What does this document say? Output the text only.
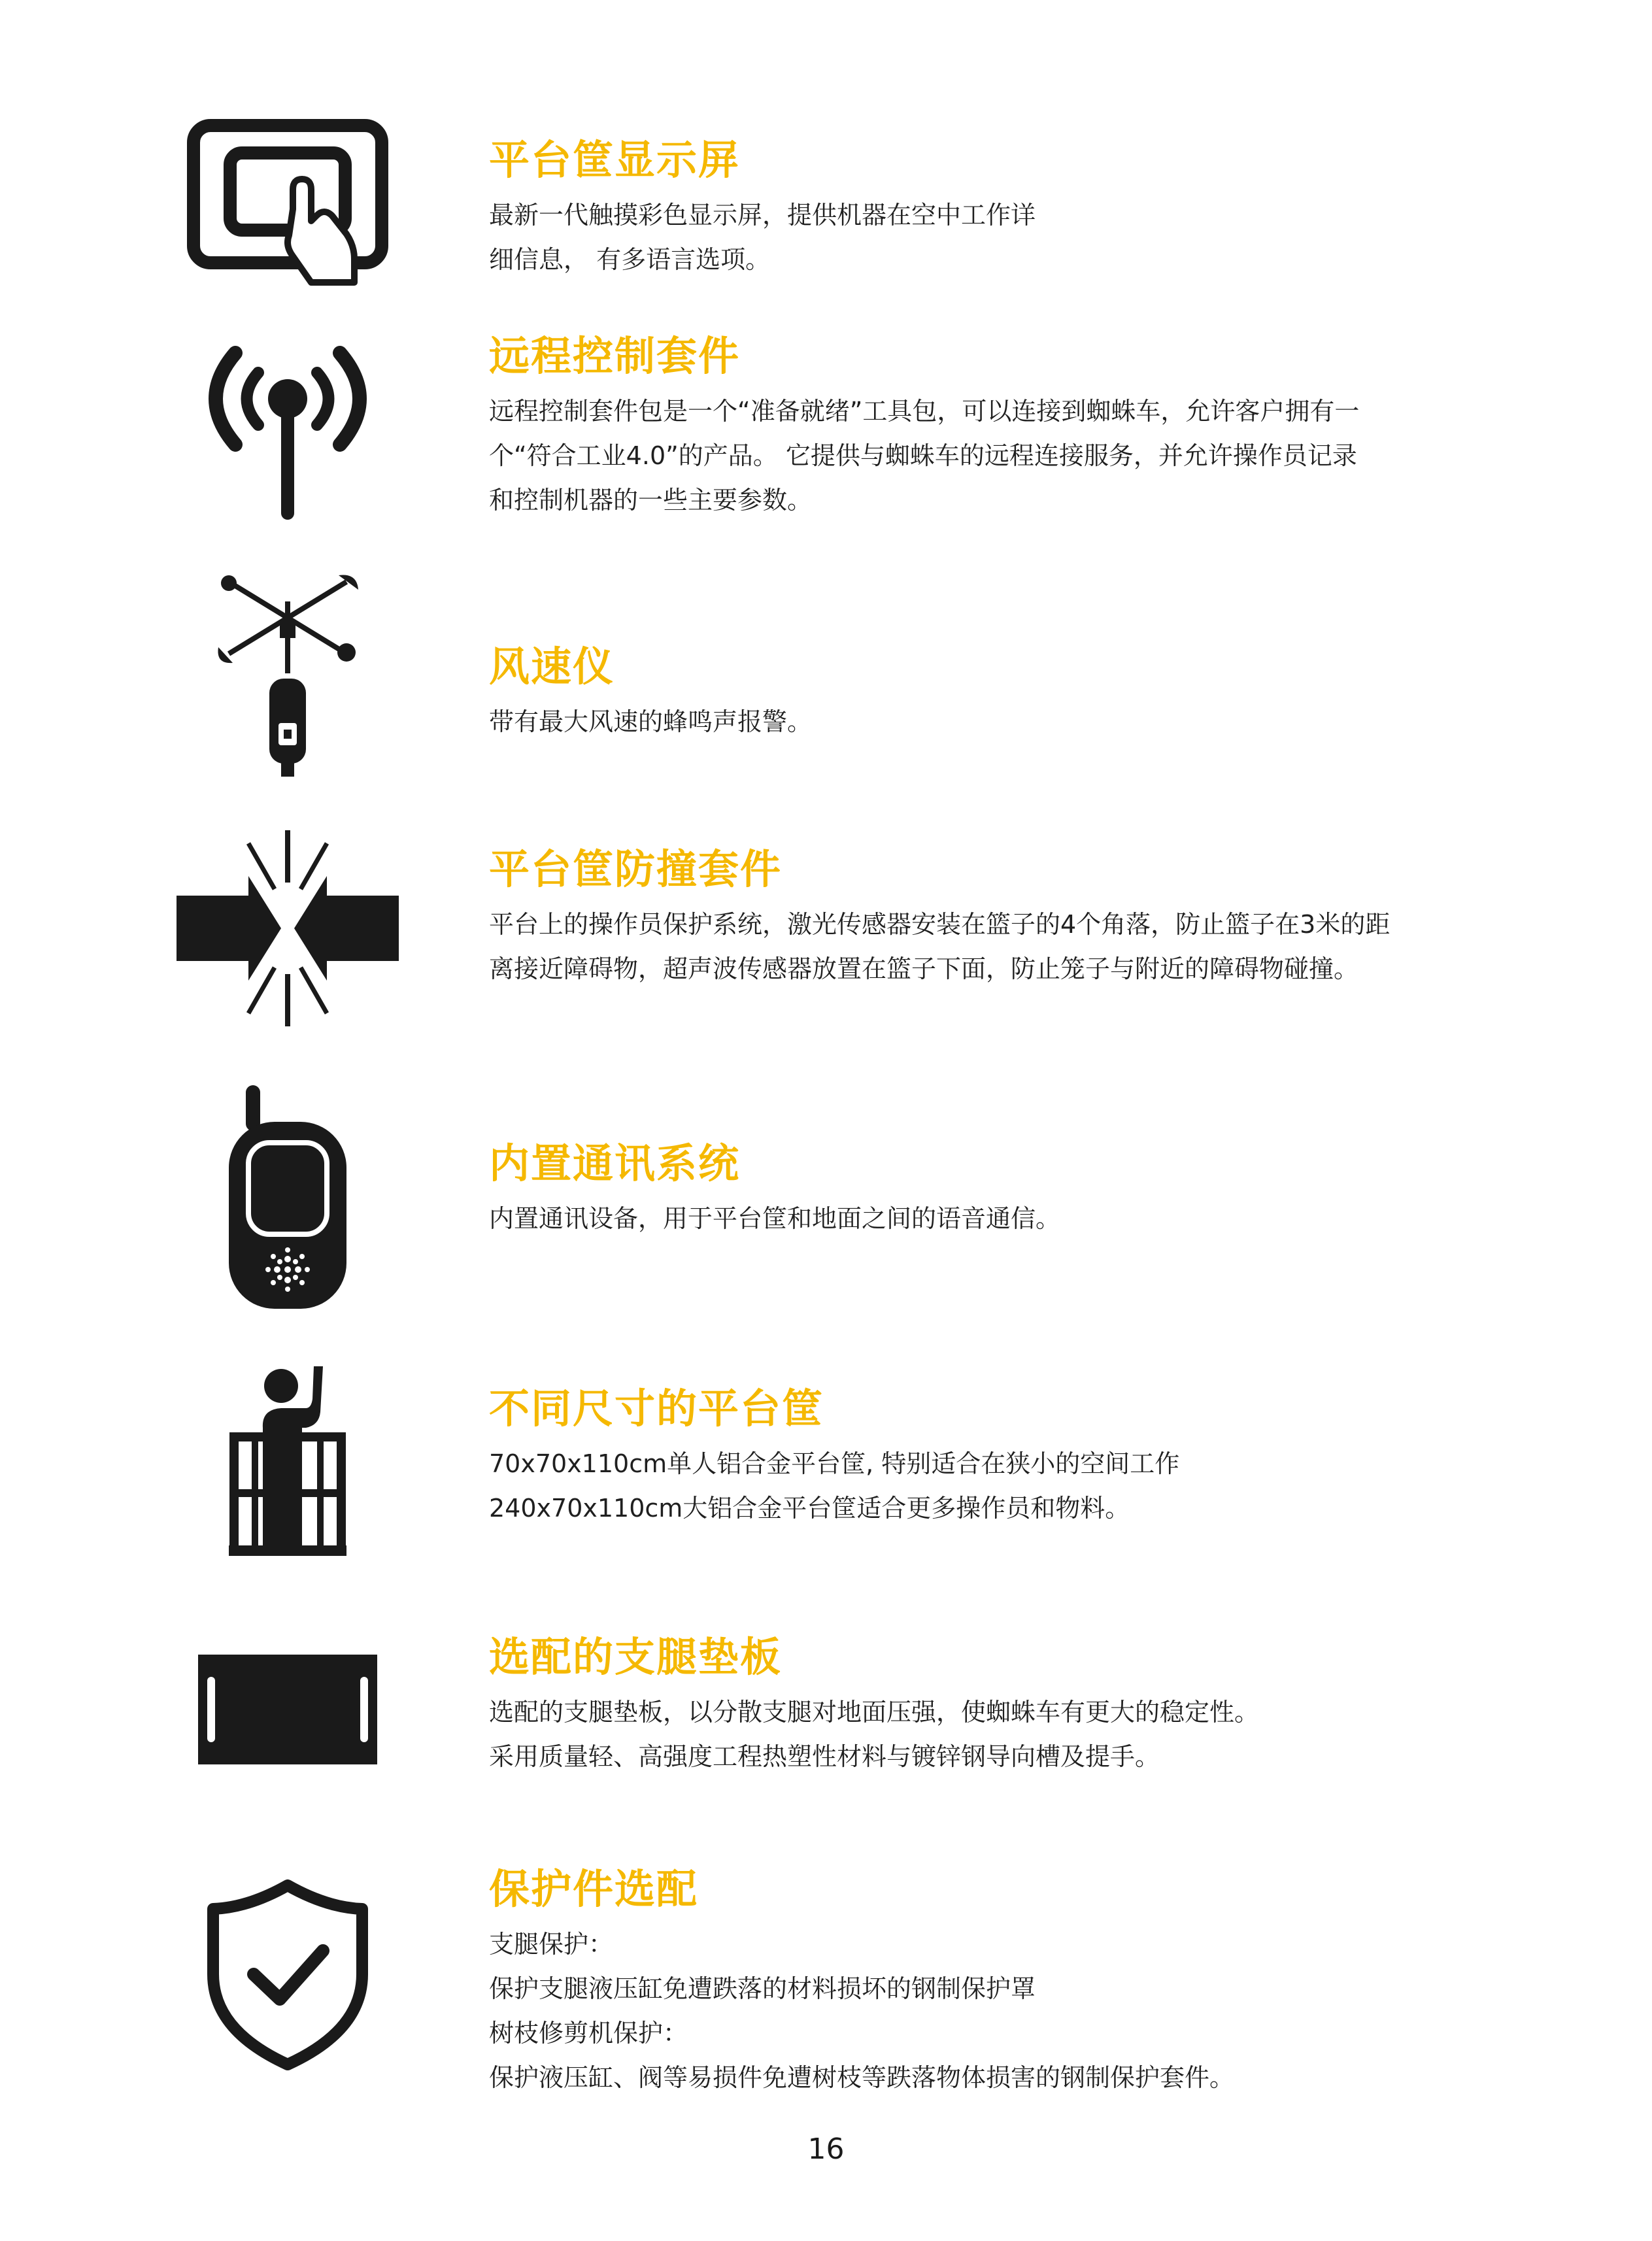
平台筐显示屏

最新一代触摸彩色显示屏，提供机器在空中工作详

细信息， 有多语言选项。

远程控制套件

远程控制套件包是一个“准备就绪”工具包，可以连接到蜘蛛车，允许客户拥有一

个“符合工业4.0”的产品。 它提供与蜘蛛车的远程连接服务，并允许操作员记录

和控制机器的一些主要参数。

风速仪

带有最大风速的蜂鸣声报警。

平台筐防撞套件

平台上的操作员保护系统，激光传感器安装在篮子的4个角落，防止篮子在3米的距

离接近障碍物，超声波传感器放置在篮子下面，防止笼子与附近的障碍物碰撞。

内置通讯系统

内置通讯设备，用于平台筐和地面之间的语音通信。

不同尺寸的平台筐

70x70x110cm单人铝合金平台筐, 特别适合在狭小的空间工作

240x70x110cm大铝合金平台筐适合更多操作员和物料。

选配的支腿垫板

选配的支腿垫板，以分散支腿对地面压强，使蜘蛛车有更大的稳定性。

采用质量轻、高强度工程热塑性材料与镀锌钢导向槽及提手。

保护件选配

支腿保护：

保护支腿液压缸免遭跌落的材料损坏的钢制保护罩

树枝修剪机保护：

保护液压缸、阀等易损件免遭树枝等跌落物体损害的钢制保护套件。

16
